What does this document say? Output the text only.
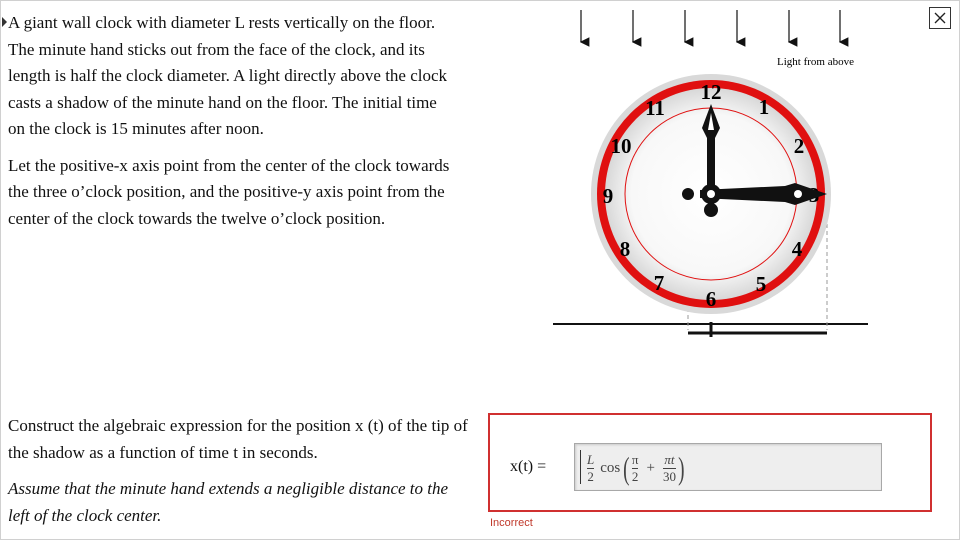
A giant wall clock with diameter L rests vertically on the floor. The minute hand sticks out from the face of the clock, and its length is half the clock diameter. A light directly above the clock casts a shadow of the minute hand on the floor. The initial time on the clock is 15 minutes after noon.

Let the positive-x axis point from the center of the clock towards the three o’clock position, and the positive-y axis point from the center of the clock towards the twelve o’clock position.

Light from above
12
1
2
4
5
6
7
8
9
10
11

Construct the algebraic expression for the position x (t) of the tip of the shadow as a function of time t in seconds.

Assume that the minute hand extends a negligible distance to the left of the clock center.

x(t) =	$\frac{L}{2}$ cos ( $\frac{\pi}{2} + \frac{\pi t}{30}$ )
Incorrect
